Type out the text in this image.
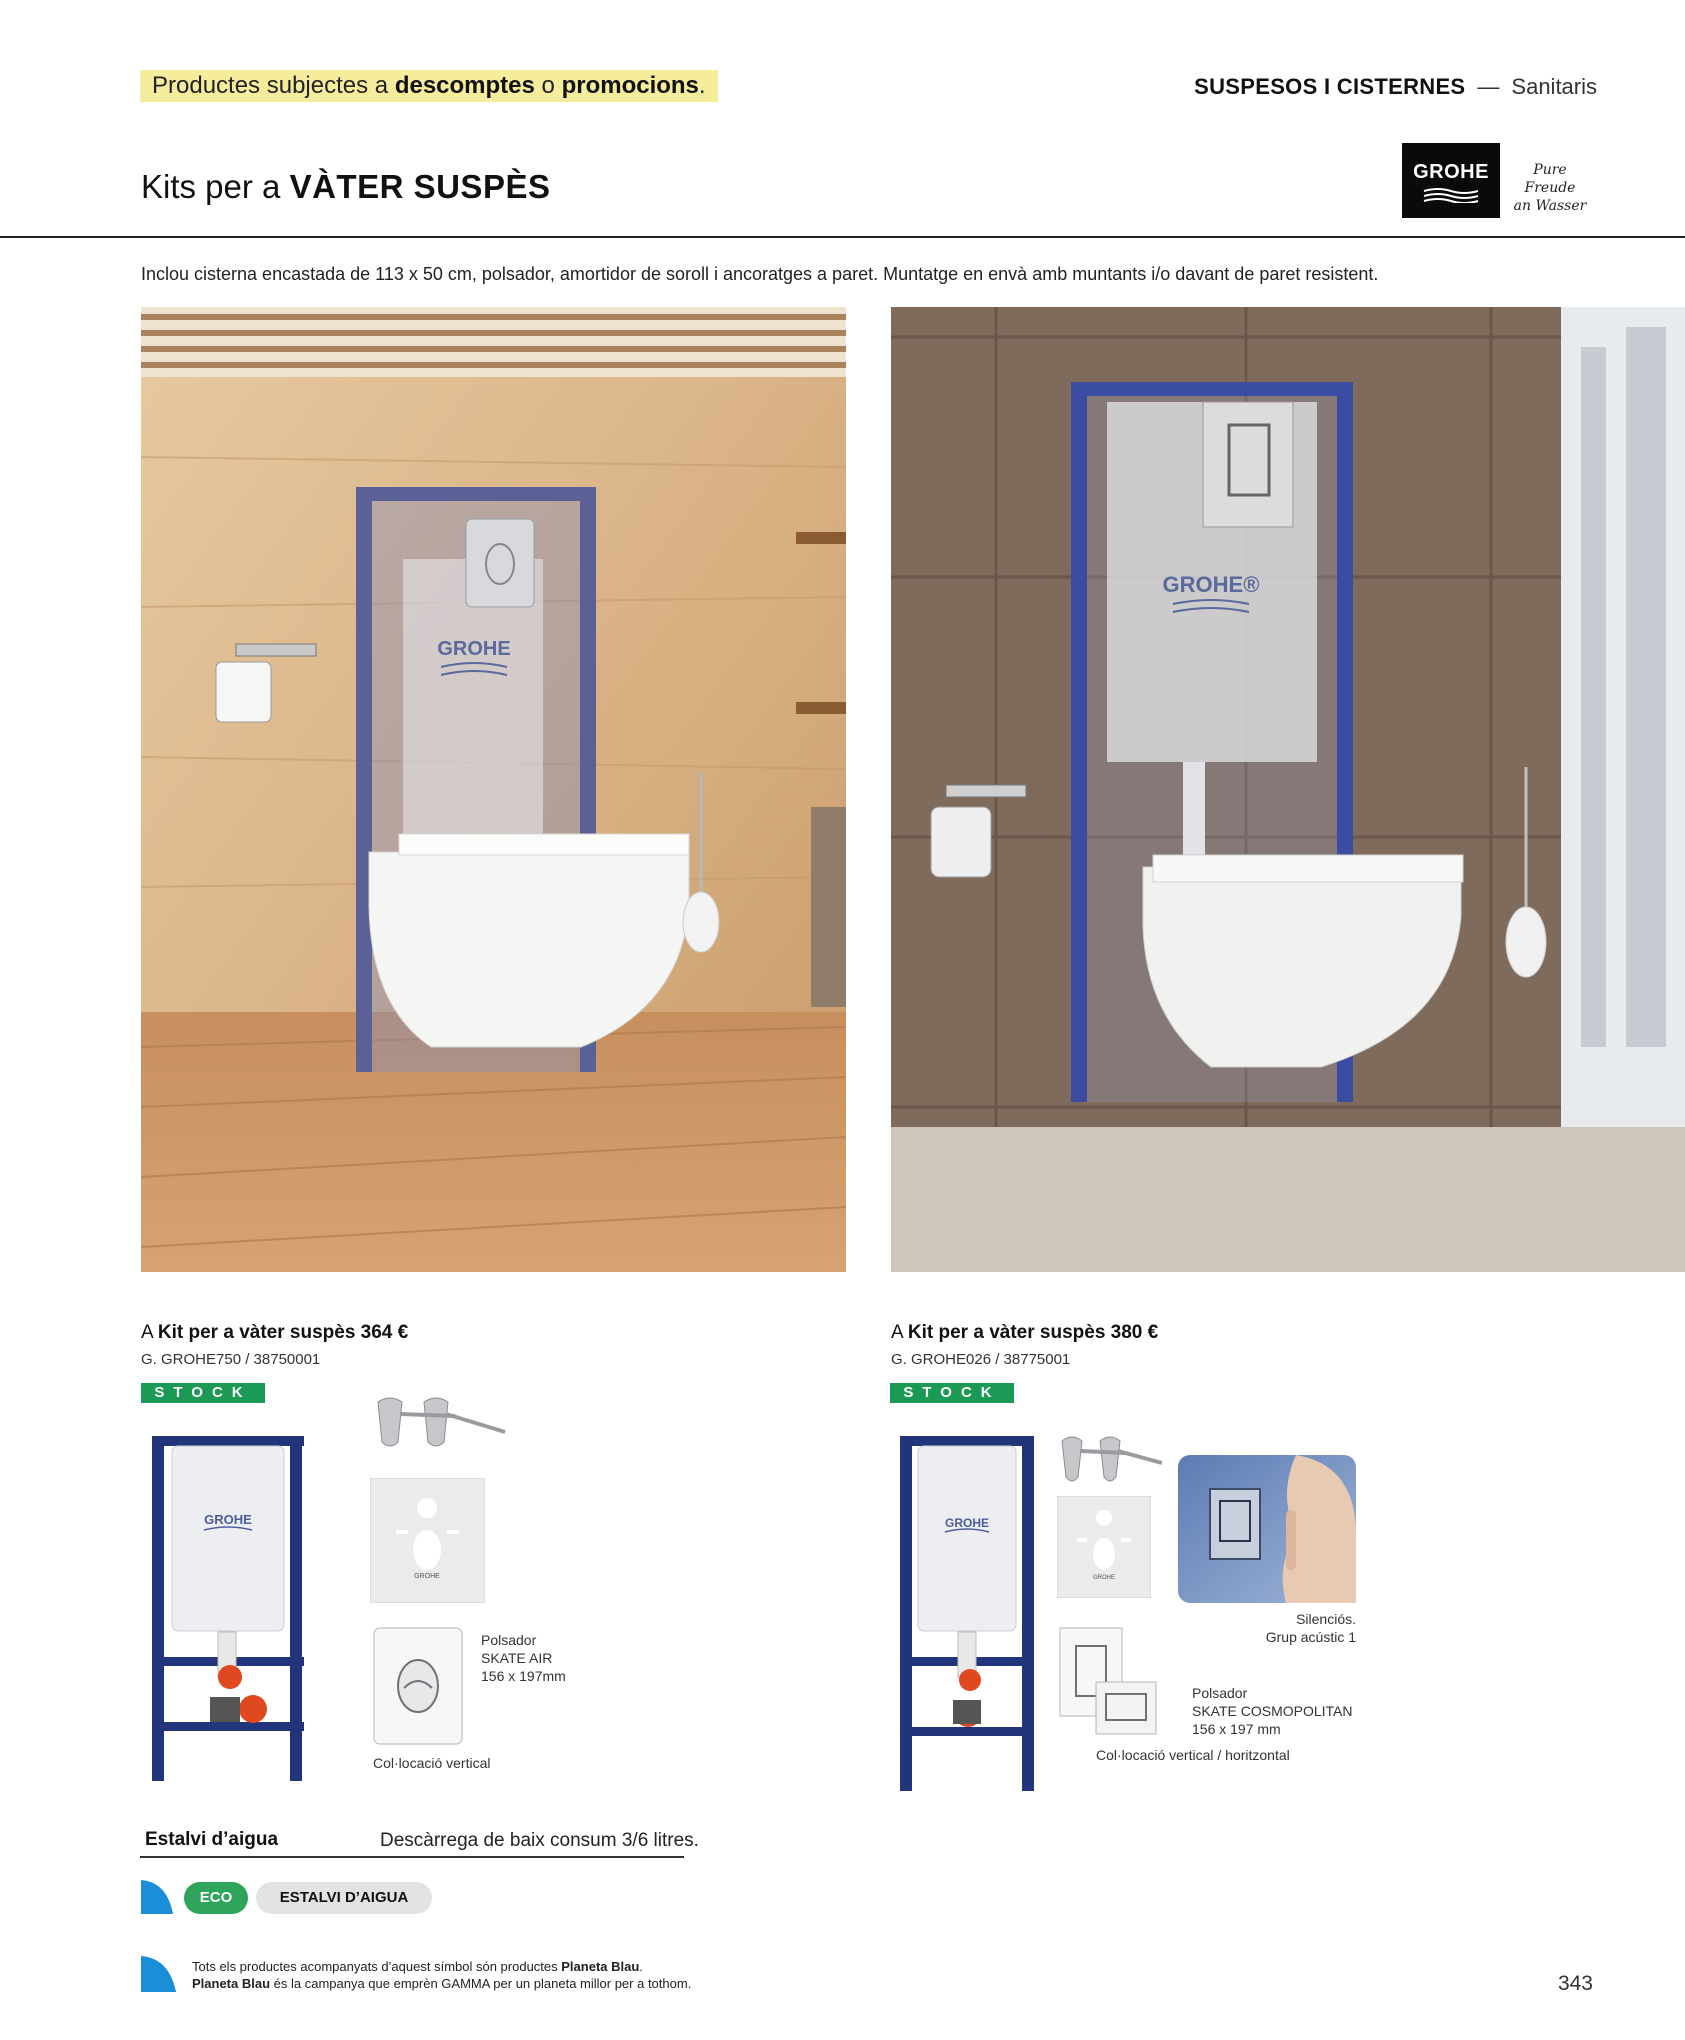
Productes subjectes a descomptes o promocions.	SUSPESOS I CISTERNES — Sanitaris
Kits per a VÀTER SUSPÈS	GROHE	Pure Freude
an Wasser
Inclou cisterna encastada de 113 x 50 cm, polsador, amortidor de soroll i ancoratges a paret. Muntatge en envà amb muntants i/o davant de paret resistent.
GROHE
GROHE®
A Kit per a vàter suspès 364 €
G. GROHE750 / 38750001
STOCK
GROHE
GROHE
Polsador
SKATE AIR
156 x 197mm
Col·locació vertical
A Kit per a vàter suspès 380 €
G. GROHE026 / 38775001
STOCK
GROHE
GROHE
Silenciós.
Grup acústic 1
Polsador
SKATE COSMOPOLITAN
156 x 197 mm
Col·locació vertical / horitzontal
Estalvi d’aigua	Descàrrega de baix consum 3/6 litres.
ECO	ESTALVI D’AIGUA
Tots els productes acompanyats d’aquest símbol són productes Planeta Blau.
Planeta Blau és la campanya que emprèn GAMMA per un planeta millor per a tothom.	343
